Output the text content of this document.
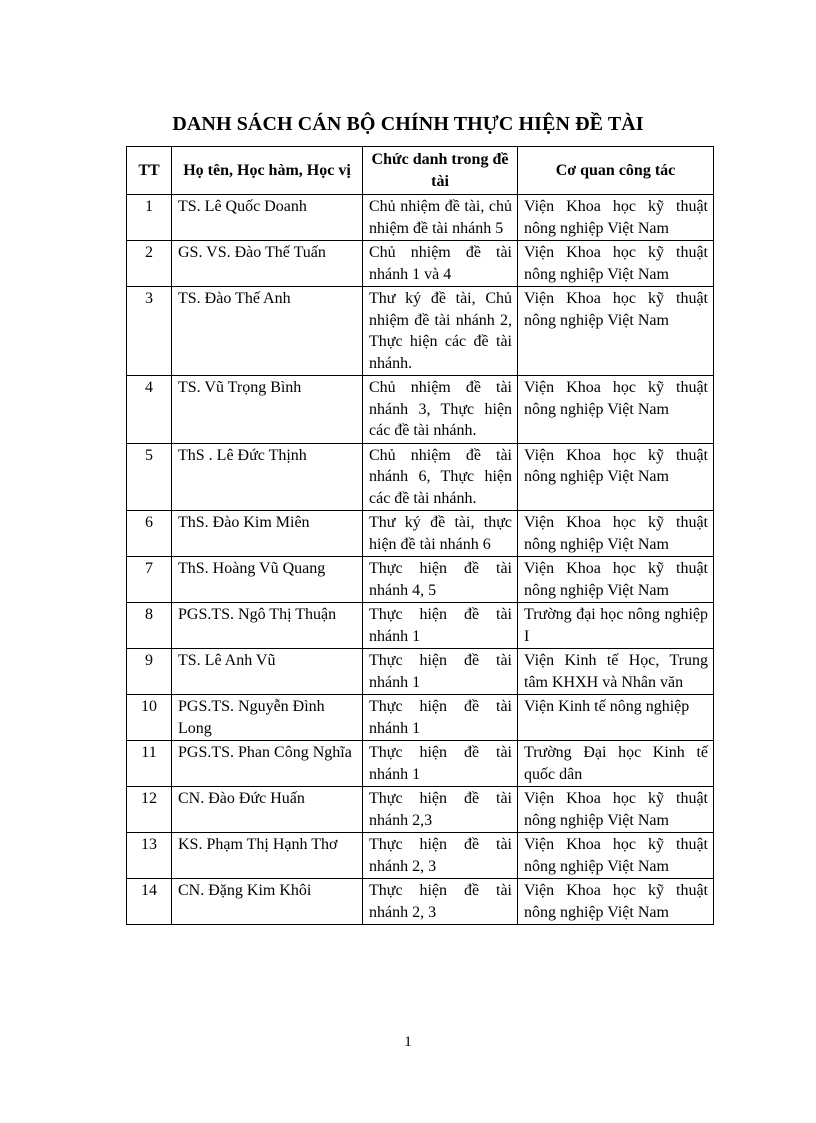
DANH SÁCH CÁN BỘ CHÍNH THỰC HIỆN ĐỀ TÀI
TT	Họ tên, Học hàm, Học vị	Chức danh trong đề tài	Cơ quan công tác
1	TS. Lê Quốc Doanh	Chủ nhiệm đề tài, chủ nhiệm đề tài nhánh 5	Viện Khoa học kỹ thuật nông nghiệp Việt Nam
2	GS. VS. Đào Thế Tuấn	Chủ nhiệm đề tài nhánh 1 và 4	Viện Khoa học kỹ thuật nông nghiệp Việt Nam
3	TS. Đào Thế Anh	Thư ký đề tài, Chủ nhiệm đề tài nhánh 2, Thực hiện các đề tài nhánh.	Viện Khoa học kỹ thuật nông nghiệp Việt Nam
4	TS. Vũ Trọng Bình	Chủ nhiệm đề tài nhánh 3, Thực hiện các đề tài nhánh.	Viện Khoa học kỹ thuật nông nghiệp Việt Nam
5	ThS . Lê Đức Thịnh	Chủ nhiệm đề tài nhánh 6, Thực hiện các đề tài nhánh.	Viện Khoa học kỹ thuật nông nghiệp Việt Nam
6	ThS. Đào Kim Miên	Thư ký đề tài, thực hiện đề tài nhánh 6	Viện Khoa học kỹ thuật nông nghiệp Việt Nam
7	ThS. Hoàng Vũ Quang	Thực hiện đề tài nhánh 4, 5	Viện Khoa học kỹ thuật nông nghiệp Việt Nam
8	PGS.TS. Ngô Thị Thuận	Thực hiện đề tài nhánh 1	Trường đại học nông nghiệp I
9	TS. Lê Anh Vũ	Thực hiện đề tài nhánh 1	Viện Kinh tế Học, Trung tâm KHXH và Nhân văn
10	PGS.TS. Nguyễn Đình Long	Thực hiện đề tài nhánh 1	Viện Kinh tế nông nghiệp
11	PGS.TS. Phan Công Nghĩa	Thực hiện đề tài nhánh 1	Trường Đại học Kinh tế quốc dân
12	CN. Đào Đức Huấn	Thực hiện đề tài nhánh 2,3	Viện Khoa học kỹ thuật nông nghiệp Việt Nam
13	KS. Phạm Thị Hạnh Thơ	Thực hiện đề tài nhánh 2, 3	Viện Khoa học kỹ thuật nông nghiệp Việt Nam
14	CN. Đặng Kim Khôi	Thực hiện đề tài nhánh 2, 3	Viện Khoa học kỹ thuật nông nghiệp Việt Nam
1
